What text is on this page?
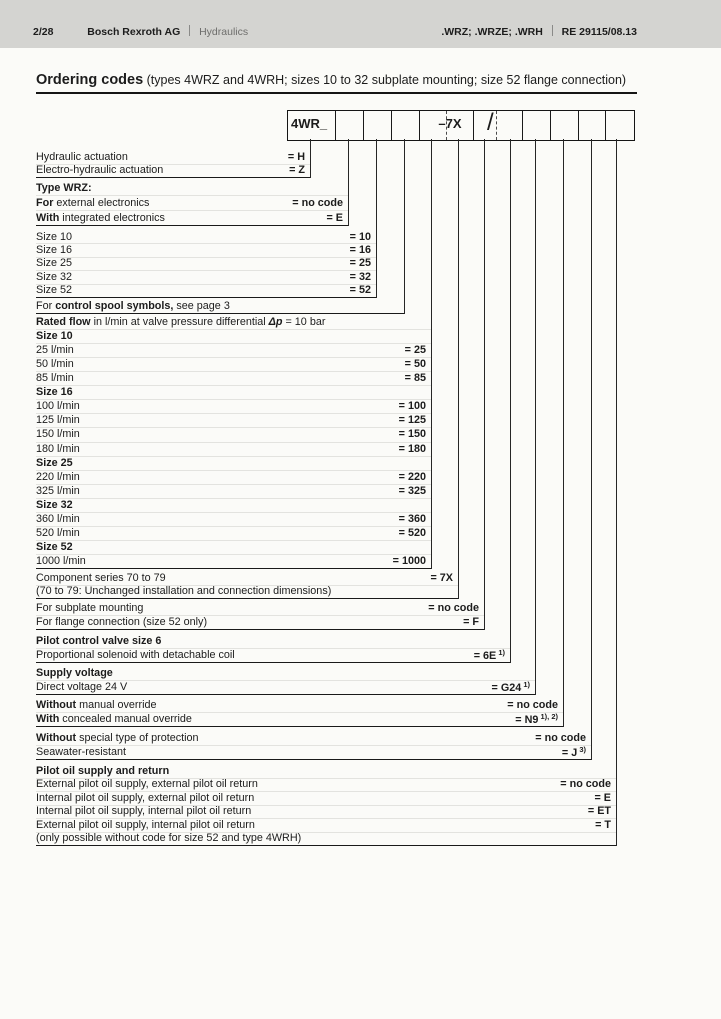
2/28	Bosch Rexroth AG Hydraulics	.WRZ; .WRZE; .WRH RE 29115/08.13
Ordering codes (types 4WRZ and 4WRH; sizes 10 to 32 subplate mounting; size 52 flange connection)
4WR_	–7X	/
Hydraulic actuation	= H
Electro-hydraulic actuation	= Z
Type WRZ:
For external electronics	= no code
With integrated electronics	= E
Size 10	= 10
Size 16	= 16
Size 25	= 25
Size 32	= 32
Size 52	= 52
For control spool symbols, see page 3
Rated flow in l/min at valve pressure differential Δp = 10 bar
Size 10
25 l/min	= 25
50 l/min	= 50
85 l/min	= 85
Size 16
100 l/min	= 100
125 l/min	= 125
150 l/min	= 150
180 l/min	= 180
Size 25
220 l/min	= 220
325 l/min	= 325
Size 32
360 l/min	= 360
520 l/min	= 520
Size 52
1000 l/min	= 1000
Component series 70 to 79	= 7X
(70 to 79: Unchanged installation and connection dimensions)
For subplate mounting	= no code
For flange connection (size 52 only)	= F
Pilot control valve size 6
Proportional solenoid with detachable coil	= 6E $^{1)}$
Supply voltage
Direct voltage 24 V	= G24 $^{1)}$
Without manual override	= no code
With concealed manual override	= N9 $^{1), 2)}$
Without special type of protection	= no code
Seawater-resistant	= J $^{3)}$
Pilot oil supply and return
External pilot oil supply, external pilot oil return	= no code
Internal pilot oil supply, external pilot oil return	= E
Internal pilot oil supply, internal pilot oil return	= ET
External pilot oil supply, internal pilot oil return	= T
(only possible without code for size 52 and type 4WRH)
